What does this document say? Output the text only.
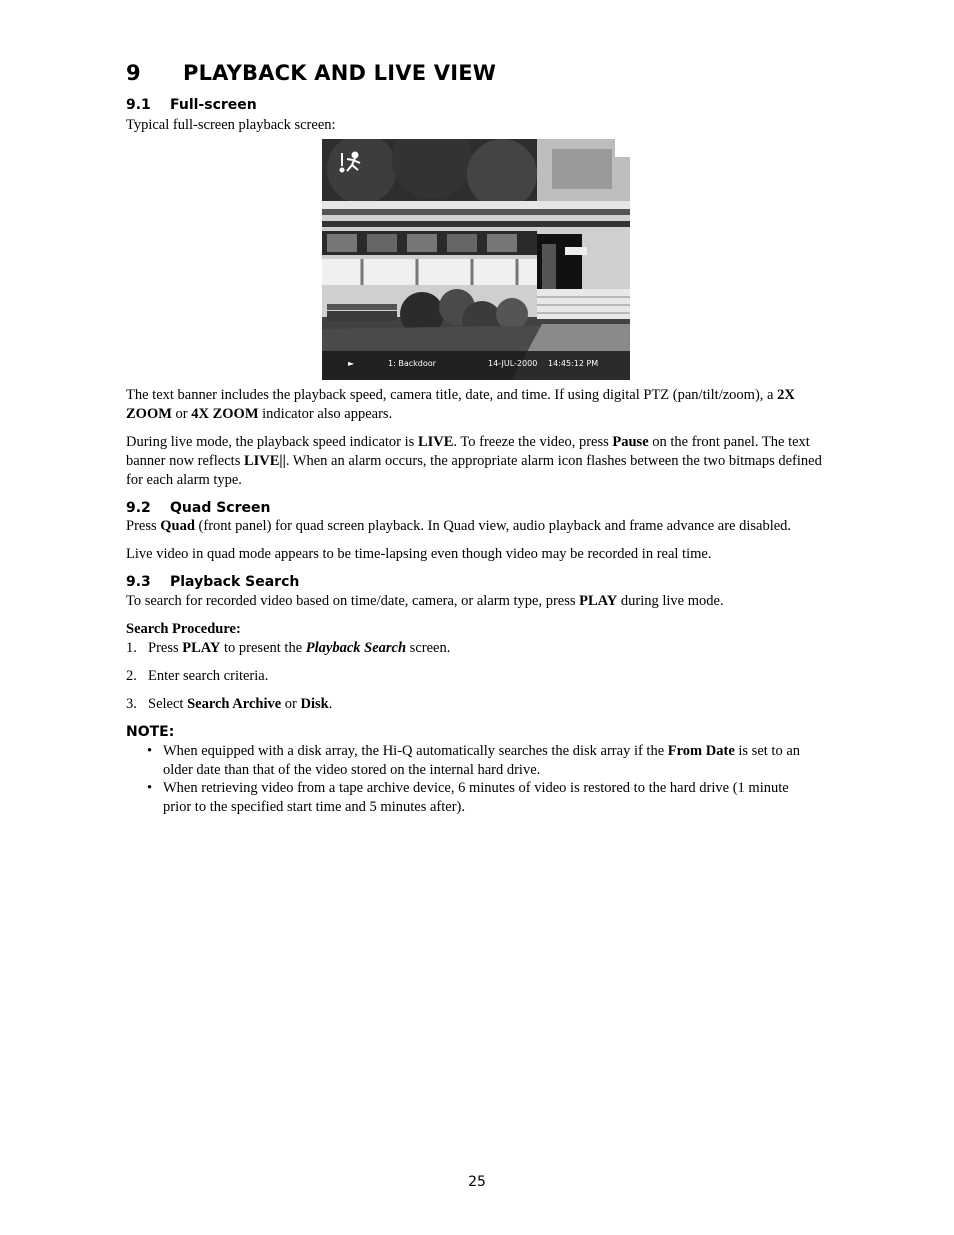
9 PLAYBACK AND LIVE VIEW
9.1 Full-screen

Typical full-screen playback screen:

►	1: Backdoor	14-JUL-2000 14:45:12 PM

The text banner includes the playback speed, camera title, date, and time. If using digital PTZ (pan/tilt/zoom), a 2X ZOOM or 4X ZOOM indicator also appears.

During live mode, the playback speed indicator is LIVE. To freeze the video, press Pause on the front panel. The text banner now reflects LIVE||. When an alarm occurs, the appropriate alarm icon flashes between the two bitmaps defined for each alarm type.

9.2 Quad Screen

Press Quad (front panel) for quad screen playback. In Quad view, audio playback and frame advance are disabled.

Live video in quad mode appears to be time-lapsing even though video may be recorded in real time.

9.3 Playback Search

To search for recorded video based on time/date, camera, or alarm type, press PLAY during live mode.

Search Procedure:
1. Press PLAY to present the Playback Search screen.
2. Enter search criteria.
3. Select Search Archive or Disk.
NOTE:
• When equipped with a disk array, the Hi-Q automatically searches the disk array if the From Date is set to an older date than that of the video stored on the internal hard drive.
• When retrieving video from a tape archive device, 6 minutes of video is restored to the hard drive (1 minute prior to the specified start time and 5 minutes after).
25
